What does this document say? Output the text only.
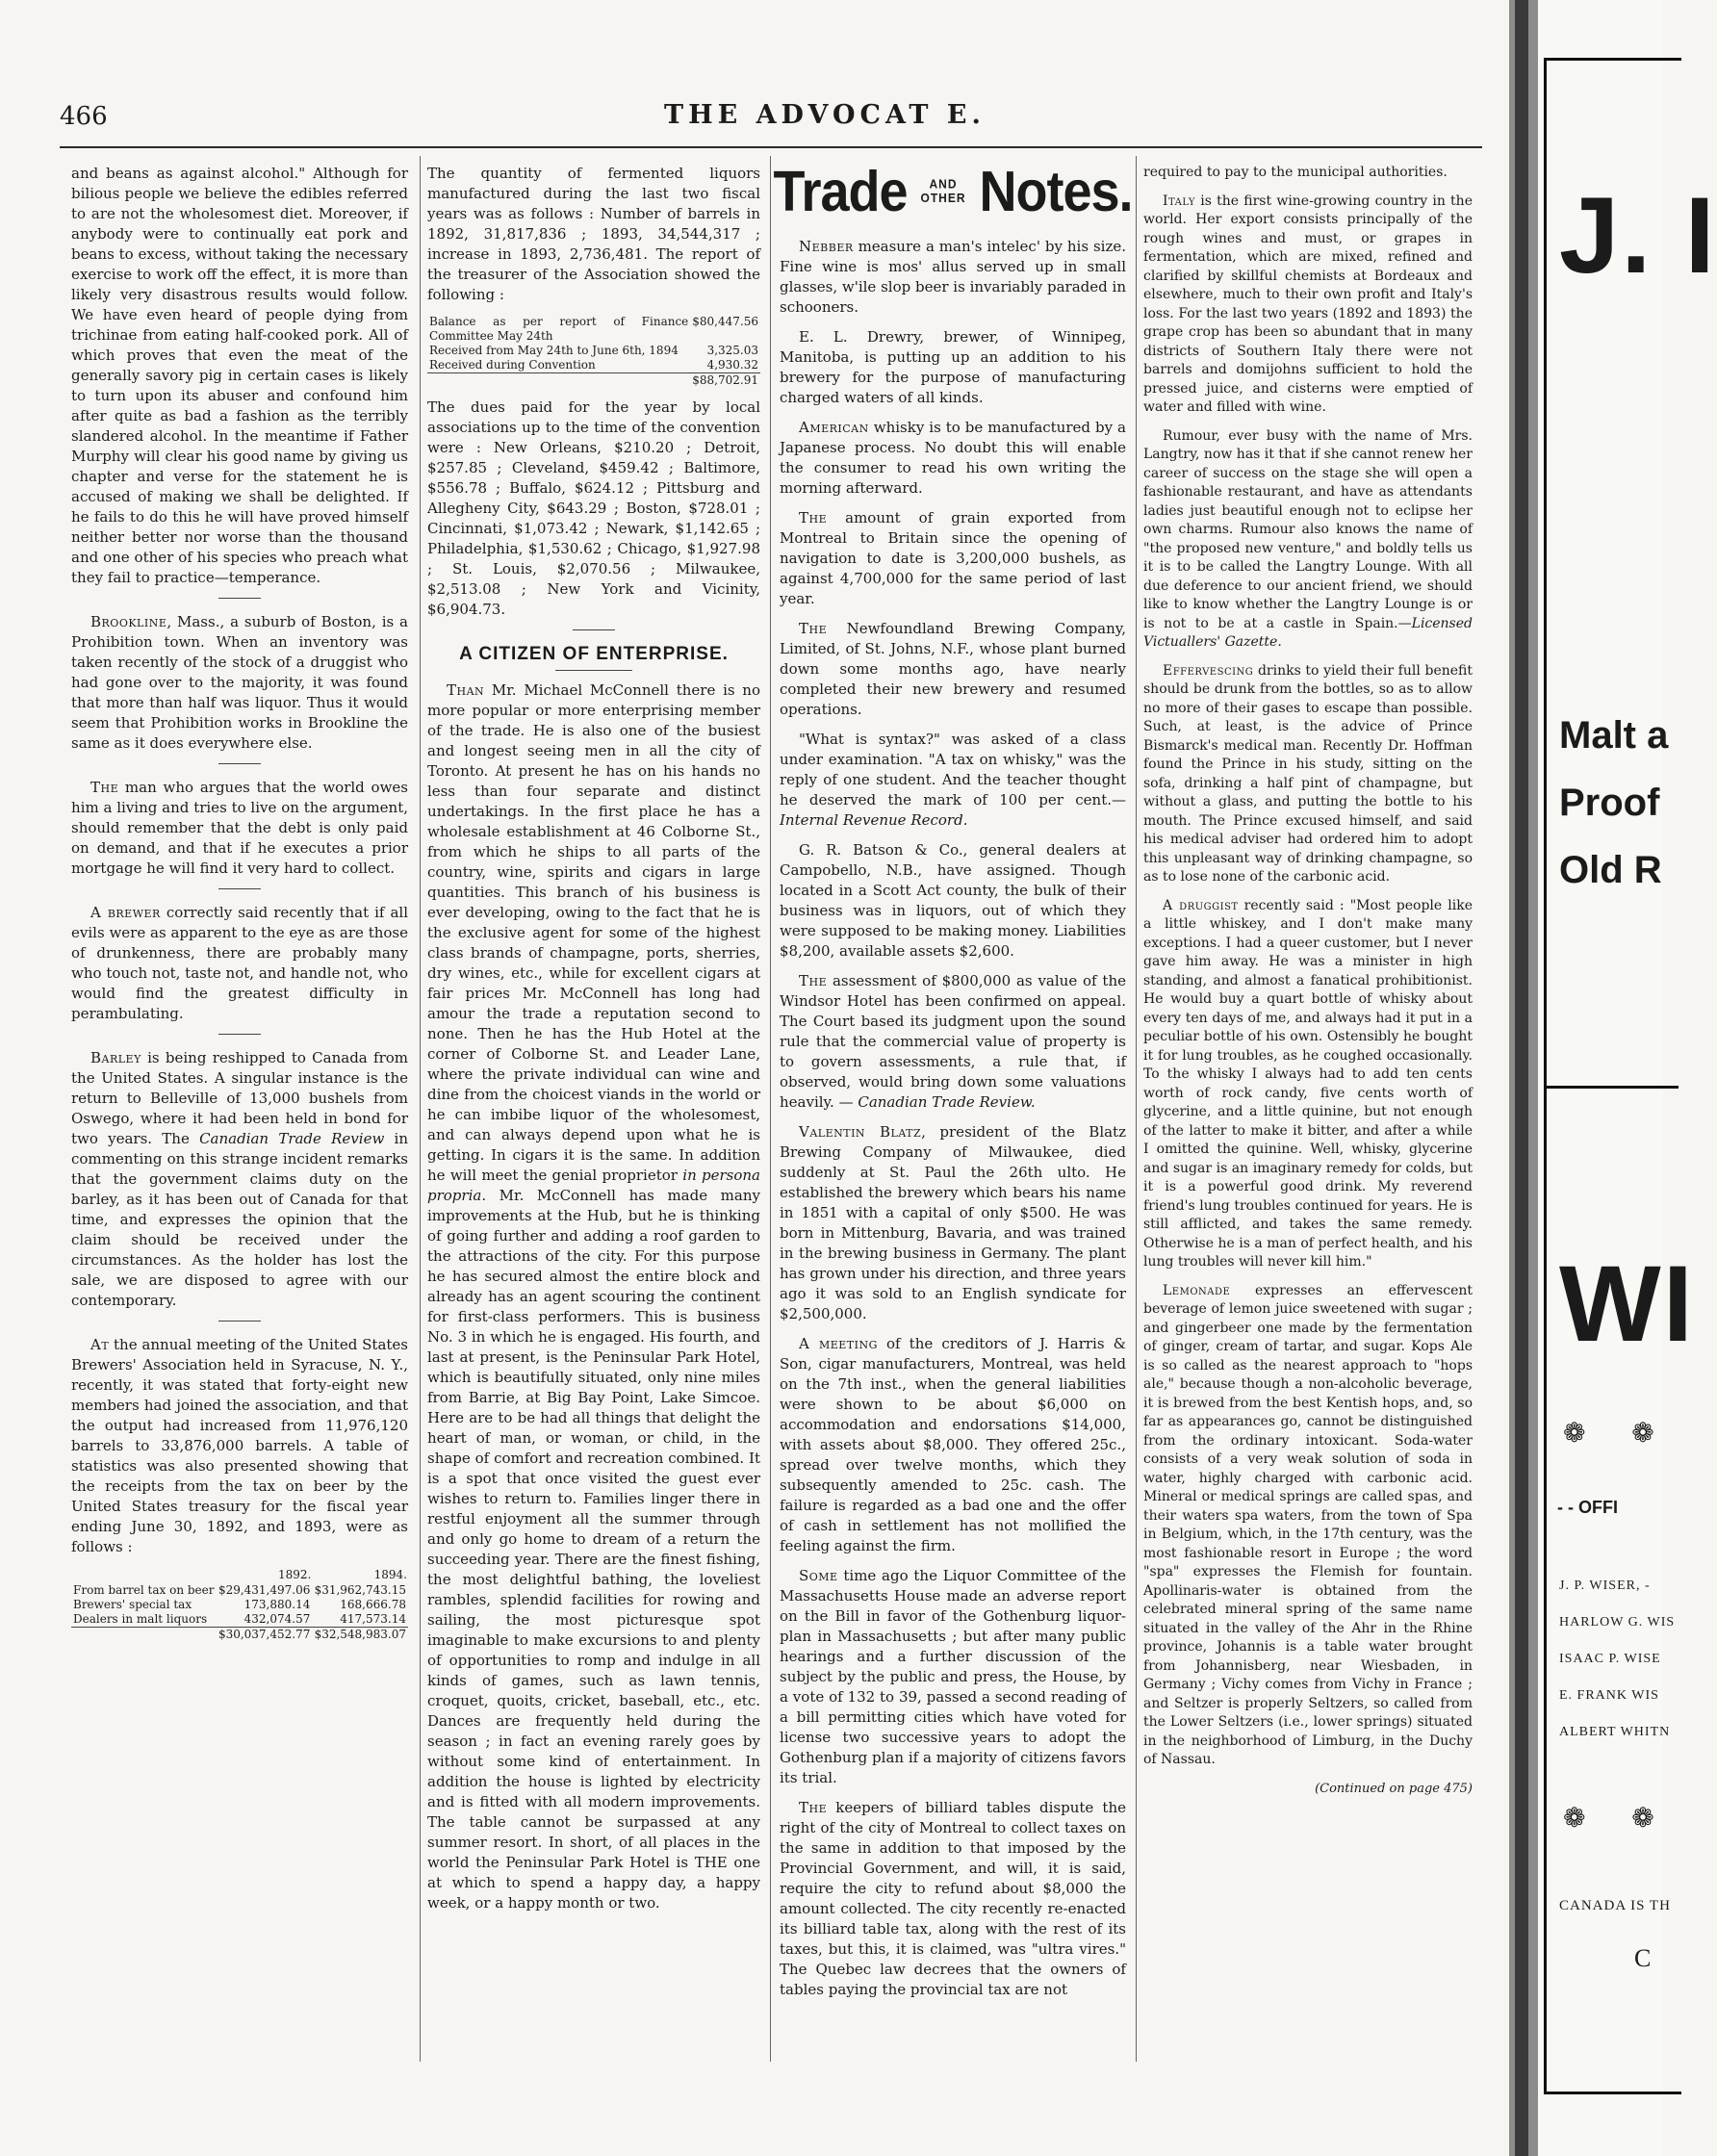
466	THE ADVOCAT E.

and beans as against alcohol." Although for bilious people we believe the edibles referred to are not the wholesomest diet. Moreover, if anybody were to continually eat pork and beans to excess, without taking the necessary exercise to work off the effect, it is more than likely very disastrous results would follow. We have even heard of people dying from trichinae from eating half-cooked pork. All of which proves that even the meat of the generally savory pig in certain cases is likely to turn upon its abuser and confound him after quite as bad a fashion as the terribly slandered alcohol. In the meantime if Father Murphy will clear his good name by giving us chapter and verse for the statement he is accused of making we shall be delighted. If he fails to do this he will have proved himself neither better nor worse than the thousand and one other of his species who preach what they fail to practice—temperance.

Brookline, Mass., a suburb of Boston, is a Prohibition town. When an inventory was taken recently of the stock of a druggist who had gone over to the majority, it was found that more than half was liquor. Thus it would seem that Prohibition works in Brookline the same as it does everywhere else.

The man who argues that the world owes him a living and tries to live on the argument, should remember that the debt is only paid on demand, and that if he executes a prior mortgage he will find it very hard to collect.

A brewer correctly said recently that if all evils were as apparent to the eye as are those of drunkenness, there are probably many who touch not, taste not, and handle not, who would find the greatest difficulty in perambulating.

Barley is being reshipped to Canada from the United States. A singular instance is the return to Belleville of 13,000 bushels from Oswego, where it had been held in bond for two years. The Canadian Trade Review in commenting on this strange incident remarks that the government claims duty on the barley, as it has been out of Canada for that time, and expresses the opinion that the claim should be received under the circumstances. As the holder has lost the sale, we are disposed to agree with our contemporary.

At the annual meeting of the United States Brewers' Association held in Syracuse, N. Y., recently, it was stated that forty-eight new members had joined the association, and that the output had increased from 11,976,120 barrels to 33,876,000 barrels. A table of statistics was also presented showing that the receipts from the tax on beer by the United States treasury for the fiscal year ending June 30, 1892, and 1893, were as follows :

	1892.	1894.
From barrel tax on beer	$29,431,497.06	$31,962,743.15
Brewers' special tax	173,880.14	168,666.78
Dealers in malt liquors	432,074.57	417,573.14
	$30,037,452.77	$32,548,983.07

The quantity of fermented liquors manufactured during the last two fiscal years was as follows : Number of barrels in 1892, 31,817,836 ; 1893, 34,544,317 ; increase in 1893, 2,736,481. The report of the treasurer of the Association showed the following :

Balance as per report of Finance Committee May 24th	$80,447.56
Received from May 24th to June 6th, 1894	3,325.03
Received during Convention	4,930.32
	$88,702.91

The dues paid for the year by local associations up to the time of the convention were : New Orleans, $210.20 ; Detroit, $257.85 ; Cleveland, $459.42 ; Baltimore, $556.78 ; Buffalo, $624.12 ; Pittsburg and Allegheny City, $643.29 ; Boston, $728.01 ; Cincinnati, $1,073.42 ; Newark, $1,142.65 ; Philadelphia, $1,530.62 ; Chicago, $1,927.98 ; St. Louis, $2,070.56 ; Milwaukee, $2,513.08 ; New York and Vicinity, $6,904.73.

A CITIZEN OF ENTERPRISE.

Than Mr. Michael McConnell there is no more popular or more enterprising member of the trade. He is also one of the busiest and longest seeing men in all the city of Toronto. At present he has on his hands no less than four separate and distinct undertakings. In the first place he has a wholesale establishment at 46 Colborne St., from which he ships to all parts of the country, wine, spirits and cigars in large quantities. This branch of his business is ever developing, owing to the fact that he is the exclusive agent for some of the highest class brands of champagne, ports, sherries, dry wines, etc., while for excellent cigars at fair prices Mr. McConnell has long had amour the trade a reputation second to none. Then he has the Hub Hotel at the corner of Colborne St. and Leader Lane, where the private individual can wine and dine from the choicest viands in the world or he can imbibe liquor of the wholesomest, and can always depend upon what he is getting. In cigars it is the same. In addition he will meet the genial proprietor in persona propria. Mr. McConnell has made many improvements at the Hub, but he is thinking of going further and adding a roof garden to the attractions of the city. For this purpose he has secured almost the entire block and already has an agent scouring the continent for first-class performers. This is business No. 3 in which he is engaged. His fourth, and last at present, is the Peninsular Park Hotel, which is beautifully situated, only nine miles from Barrie, at Big Bay Point, Lake Simcoe. Here are to be had all things that delight the heart of man, or woman, or child, in the shape of comfort and recreation combined. It is a spot that once visited the guest ever wishes to return to. Families linger there in restful enjoyment all the summer through and only go home to dream of a return the succeeding year. There are the finest fishing, the most delightful bathing, the loveliest rambles, splendid facilities for rowing and sailing, the most picturesque spot imaginable to make excursions to and plenty of opportunities to romp and indulge in all kinds of games, such as lawn tennis, croquet, quoits, cricket, baseball, etc., etc. Dances are frequently held during the season ; in fact an evening rarely goes by without some kind of entertainment. In addition the house is lighted by electricity and is fitted with all modern improvements. The table cannot be surpassed at any summer resort. In short, of all places in the world the Peninsular Park Hotel is THE one at which to spend a happy day, a happy week, or a happy month or two.

Trade	AND
OTHER Notes.

Nebber measure a man's intelec' by his size. Fine wine is mos' allus served up in small glasses, w'ile slop beer is invariably paraded in schooners.

E. L. Drewry, brewer, of Winnipeg, Manitoba, is putting up an addition to his brewery for the purpose of manufacturing charged waters of all kinds.

American whisky is to be manufactured by a Japanese process. No doubt this will enable the consumer to read his own writing the morning afterward.

The amount of grain exported from Montreal to Britain since the opening of navigation to date is 3,200,000 bushels, as against 4,700,000 for the same period of last year.

The Newfoundland Brewing Company, Limited, of St. Johns, N.F., whose plant burned down some months ago, have nearly completed their new brewery and resumed operations.

"What is syntax?" was asked of a class under examination. "A tax on whisky," was the reply of one student. And the teacher thought he deserved the mark of 100 per cent.—Internal Revenue Record.

G. R. Batson & Co., general dealers at Campobello, N.B., have assigned. Though located in a Scott Act county, the bulk of their business was in liquors, out of which they were supposed to be making money. Liabilities $8,200, available assets $2,600.

The assessment of $800,000 as value of the Windsor Hotel has been confirmed on appeal. The Court based its judgment upon the sound rule that the commercial value of property is to govern assessments, a rule that, if observed, would bring down some valuations heavily. — Canadian Trade Review.

Valentin Blatz, president of the Blatz Brewing Company of Milwaukee, died suddenly at St. Paul the 26th ulto. He established the brewery which bears his name in 1851 with a capital of only $500. He was born in Mittenburg, Bavaria, and was trained in the brewing business in Germany. The plant has grown under his direction, and three years ago it was sold to an English syndicate for $2,500,000.

A meeting of the creditors of J. Harris & Son, cigar manufacturers, Montreal, was held on the 7th inst., when the general liabilities were shown to be about $6,000 on accommodation and endorsations $14,000, with assets about $8,000. They offered 25c., spread over twelve months, which they subsequently amended to 25c. cash. The failure is regarded as a bad one and the offer of cash in settlement has not mollified the feeling against the firm.

Some time ago the Liquor Committee of the Massachusetts House made an adverse report on the Bill in favor of the Gothenburg liquor-plan in Massachusetts ; but after many public hearings and a further discussion of the subject by the public and press, the House, by a vote of 132 to 39, passed a second reading of a bill permitting cities which have voted for license two successive years to adopt the Gothenburg plan if a majority of citizens favors its trial.

The keepers of billiard tables dispute the right of the city of Montreal to collect taxes on the same in addition to that imposed by the Provincial Government, and will, it is said, require the city to refund about $8,000 the amount collected. The city recently re-enacted its billiard table tax, along with the rest of its taxes, but this, it is claimed, was "ultra vires." The Quebec law decrees that the owners of tables paying the provincial tax are not

required to pay to the municipal authorities.

Italy is the first wine-growing country in the world. Her export consists principally of the rough wines and must, or grapes in fermentation, which are mixed, refined and clarified by skillful chemists at Bordeaux and elsewhere, much to their own profit and Italy's loss. For the last two years (1892 and 1893) the grape crop has been so abundant that in many districts of Southern Italy there were not barrels and domijohns sufficient to hold the pressed juice, and cisterns were emptied of water and filled with wine.

Rumour, ever busy with the name of Mrs. Langtry, now has it that if she cannot renew her career of success on the stage she will open a fashionable restaurant, and have as attendants ladies just beautiful enough not to eclipse her own charms. Rumour also knows the name of "the proposed new venture," and boldly tells us it is to be called the Langtry Lounge. With all due deference to our ancient friend, we should like to know whether the Langtry Lounge is or is not to be at a castle in Spain.—Licensed Victuallers' Gazette.

Effervescing drinks to yield their full benefit should be drunk from the bottles, so as to allow no more of their gases to escape than possible. Such, at least, is the advice of Prince Bismarck's medical man. Recently Dr. Hoffman found the Prince in his study, sitting on the sofa, drinking a half pint of champagne, but without a glass, and putting the bottle to his mouth. The Prince excused himself, and said his medical adviser had ordered him to adopt this unpleasant way of drinking champagne, so as to lose none of the carbonic acid.

A druggist recently said : "Most people like a little whiskey, and I don't make many exceptions. I had a queer customer, but I never gave him away. He was a minister in high standing, and almost a fanatical prohibitionist. He would buy a quart bottle of whisky about every ten days of me, and always had it put in a peculiar bottle of his own. Ostensibly he bought it for lung troubles, as he coughed occasionally. To the whisky I always had to add ten cents worth of rock candy, five cents worth of glycerine, and a little quinine, but not enough of the latter to make it bitter, and after a while I omitted the quinine. Well, whisky, glycerine and sugar is an imaginary remedy for colds, but it is a powerful good drink. My reverend friend's lung troubles continued for years. He is still afflicted, and takes the same remedy. Otherwise he is a man of perfect health, and his lung troubles will never kill him."

Lemonade expresses an effervescent beverage of lemon juice sweetened with sugar ; and gingerbeer one made by the fermentation of ginger, cream of tartar, and sugar. Kops Ale is so called as the nearest approach to "hops ale," because though a non-alcoholic beverage, it is brewed from the best Kentish hops, and, so far as appearances go, cannot be distinguished from the ordinary intoxicant. Soda-water consists of a very weak solution of soda in water, highly charged with carbonic acid. Mineral or medical springs are called spas, and their waters spa waters, from the town of Spa in Belgium, which, in the 17th century, was the most fashionable resort in Europe ; the word "spa" expresses the Flemish for fountain. Apollinaris-water is obtained from the celebrated mineral spring of the same name situated in the valley of the Ahr in the Rhine province, Johannis is a table water brought from Johannisberg, near Wiesbaden, in Germany ; Vichy comes from Vichy in France ; and Seltzer is properly Seltzers, so called from the Lower Seltzers (i.e., lower springs) situated in the neighborhood of Limburg, in the Duchy of Nassau.

(Continued on page 475)
J. I
Malt a
Proof
Old R
WI
❁ ❁
- - OFFI
J. P. WISER, -
HARLOW G. WIS
ISAAC P. WISE
E. FRANK WIS
ALBERT WHITN
❁ ❁
CANADA IS TH
C
